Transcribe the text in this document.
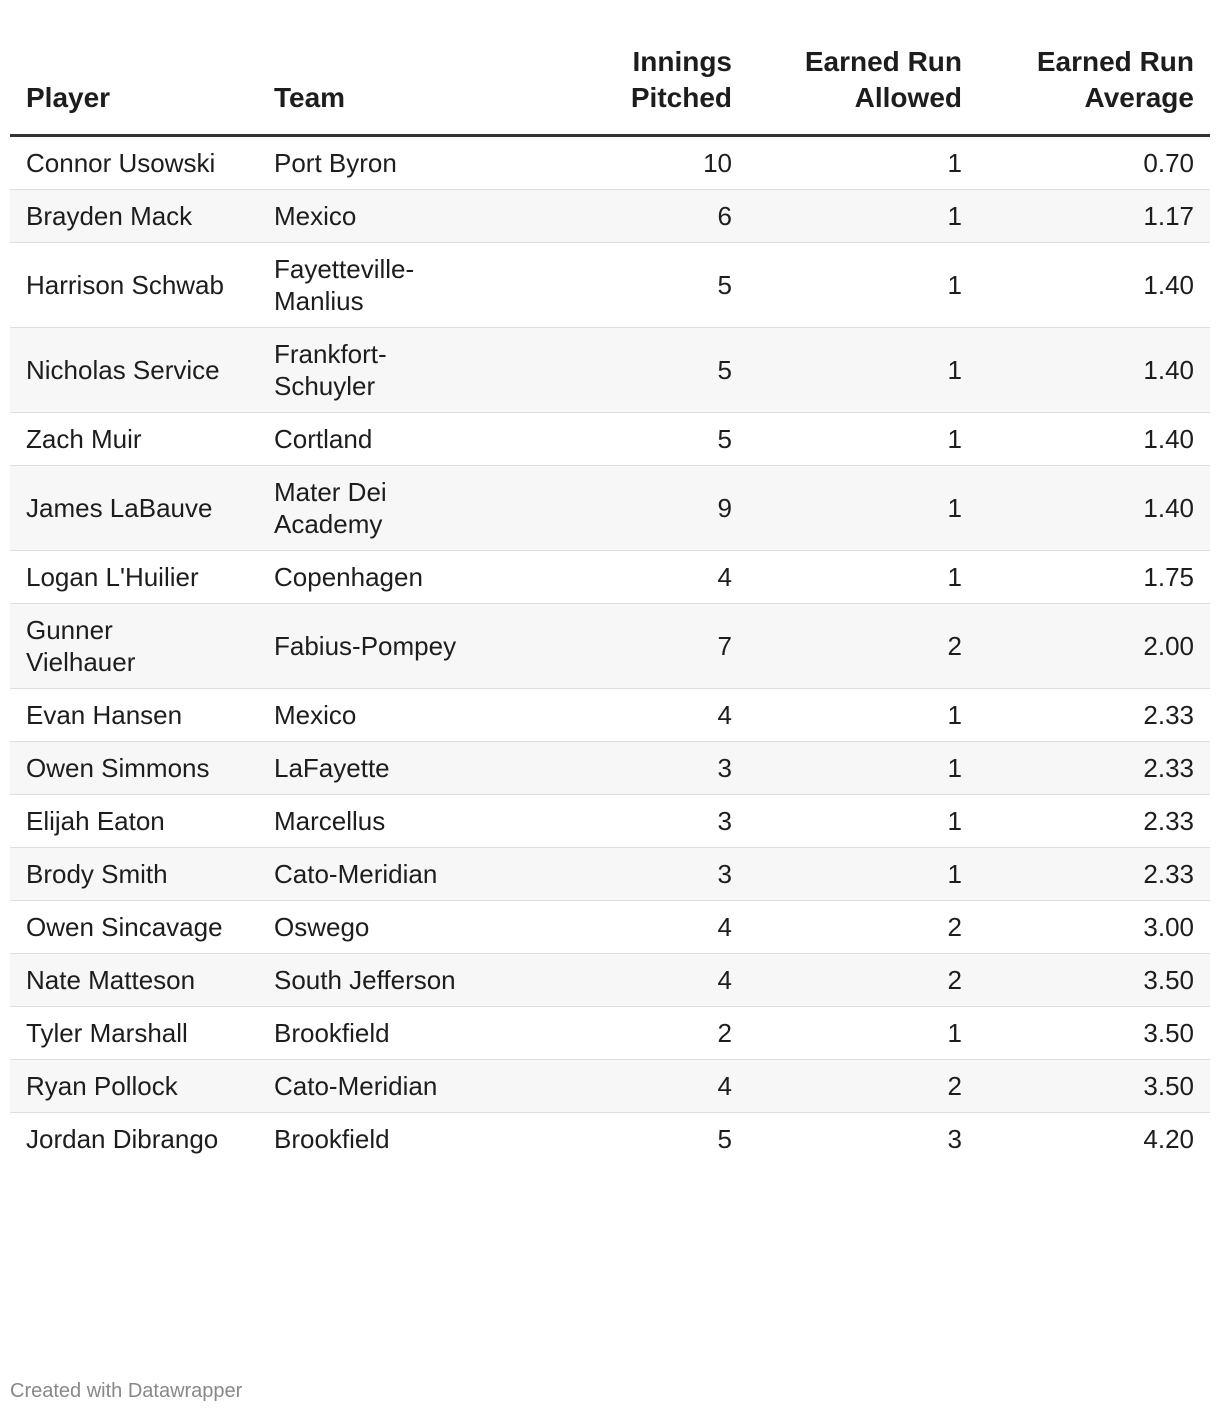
Player	Team	Innings Pitched	Earned Run Allowed	Earned Run Average

Connor Usowski	Port Byron	10	1	0.70

Brayden Mack	Mexico	6	1	1.17

Harrison Schwab	Fayetteville-Manlius	5	1	1.40

Nicholas Service	Frankfort-Schuyler	5	1	1.40

Zach Muir	Cortland	5	1	1.40

James LaBauve	Mater Dei Academy	9	1	1.40

Logan L'Huilier	Copenhagen	4	1	1.75

Gunner Vielhauer	Fabius-Pompey	7	2	2.00

Evan Hansen	Mexico	4	1	2.33

Owen Simmons	LaFayette	3	1	2.33

Elijah Eaton	Marcellus	3	1	2.33

Brody Smith	Cato-Meridian	3	1	2.33

Owen Sincavage	Oswego	4	2	3.00

Nate Matteson	South Jefferson	4	2	3.50

Tyler Marshall	Brookfield	2	1	3.50

Ryan Pollock	Cato-Meridian	4	2	3.50

Jordan Dibrango	Brookfield	5	3	4.20
Created with Datawrapper
